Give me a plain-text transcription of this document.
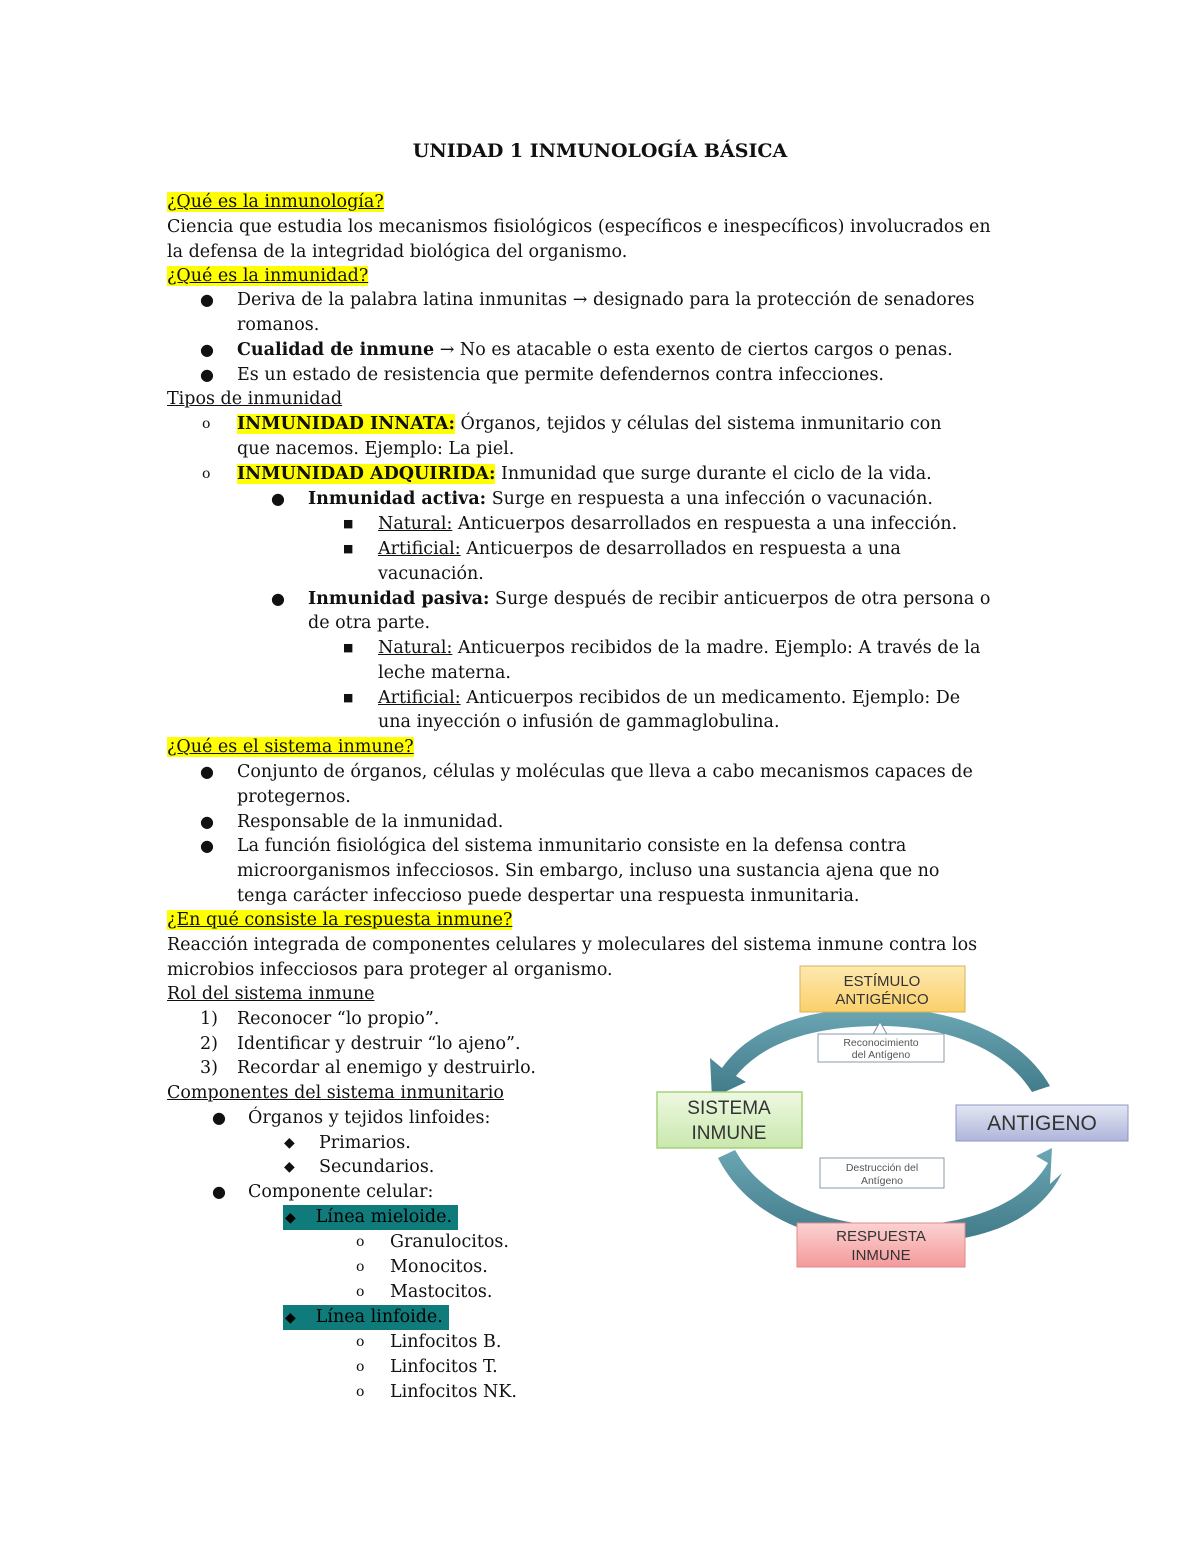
UNIDAD 1 INMUNOLOGÍA BÁSICA
¿Qué es la inmunología?
Ciencia que estudia los mecanismos fisiológicos (específicos e inespecíficos) involucrados en
la defensa de la integridad biológica del organismo.
¿Qué es la inmunidad?
● Deriva de la palabra latina inmunitas → designado para la protección de senadores
romanos.
● Cualidad de inmune → No es atacable o esta exento de ciertos cargos o penas.
● Es un estado de resistencia que permite defendernos contra infecciones.
Tipos de inmunidad
o INMUNIDAD INNATA: Órganos, tejidos y células del sistema inmunitario con
que nacemos. Ejemplo: La piel.
o INMUNIDAD ADQUIRIDA: Inmunidad que surge durante el ciclo de la vida.
● Inmunidad activa: Surge en respuesta a una infección o vacunación.
■ Natural: Anticuerpos desarrollados en respuesta a una infección.
■ Artificial: Anticuerpos de desarrollados en respuesta a una
vacunación.
● Inmunidad pasiva: Surge después de recibir anticuerpos de otra persona o
de otra parte.
■ Natural: Anticuerpos recibidos de la madre. Ejemplo: A través de la
leche materna.
■ Artificial: Anticuerpos recibidos de un medicamento. Ejemplo: De
una inyección o infusión de gammaglobulina.
¿Qué es el sistema inmune?
● Conjunto de órganos, células y moléculas que lleva a cabo mecanismos capaces de
protegernos.
● Responsable de la inmunidad.
● La función fisiológica del sistema inmunitario consiste en la defensa contra
microorganismos infecciosos. Sin embargo, incluso una sustancia ajena que no
tenga carácter infeccioso puede despertar una respuesta inmunitaria.
¿En qué consiste la respuesta inmune?
Reacción integrada de componentes celulares y moleculares del sistema inmune contra los
microbios infecciosos para proteger al organismo.
Rol del sistema inmune
1) Reconocer “lo propio”.
2) Identificar y destruir “lo ajeno”.
3) Recordar al enemigo y destruirlo.
Componentes del sistema inmunitario
● Órganos y tejidos linfoides:
◆ Primarios.
◆ Secundarios.
● Componente celular:
◆ Línea mieloide.
o Granulocitos.
o Monocitos.
o Mastocitos.
◆ Línea linfoide.
o Linfocitos B.
o Linfocitos T.
o Linfocitos NK.
ESTÍMULO
ANTIGÉNICO
Reconocimiento
del Antígeno
SISTEMA
INMUNE	ANTIGENO
Destrucción del
Antígeno
RESPUESTA
INMUNE
